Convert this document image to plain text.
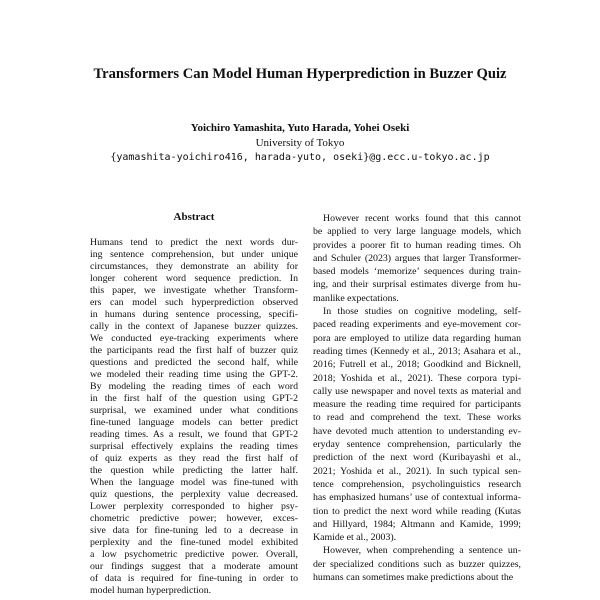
Transformers Can Model Human Hyperprediction in Buzzer Quiz
Yoichiro Yamashita, Yuto Harada, Yohei Oseki
University of Tokyo
{yamashita-yoichiro416, harada-yuto, oseki}@g.ecc.u-tokyo.ac.jp
Abstract
Humans tend to predict the next words dur-
ing sentence comprehension, but under unique
circumstances, they demonstrate an ability for
longer coherent word sequence prediction. In
this paper, we investigate whether Transform-
ers can model such hyperprediction observed
in humans during sentence processing, specifi-
cally in the context of Japanese buzzer quizzes.
We conducted eye-tracking experiments where
the participants read the first half of buzzer quiz
questions and predicted the second half, while
we modeled their reading time using the GPT-2.
By modeling the reading times of each word
in the first half of the question using GPT-2
surprisal, we examined under what conditions
fine-tuned language models can better predict
reading times. As a result, we found that GPT-2
surprisal effectively explains the reading times
of quiz experts as they read the first half of
the question while predicting the latter half.
When the language model was fine-tuned with
quiz questions, the perplexity value decreased.
Lower perplexity corresponded to higher psy-
chometric predictive power; however, exces-
sive data for fine-tuning led to a decrease in
perplexity and the fine-tuned model exhibited
a low psychometric predictive power. Overall,
our findings suggest that a moderate amount
of data is required for fine-tuning in order to
model human hyperprediction.
However recent works found that this cannot
be applied to very large language models, which
provides a poorer fit to human reading times. Oh
and Schuler (2023) argues that larger Transformer-
based models ‘memorize’ sequences during train-
ing, and their surprisal estimates diverge from hu-
manlike expectations.
In those studies on cognitive modeling, self-
paced reading experiments and eye-movement cor-
pora are employed to utilize data regarding human
reading times (Kennedy et al., 2013; Asahara et al.,
2016; Futrell et al., 2018; Goodkind and Bicknell,
2018; Yoshida et al., 2021). These corpora typi-
cally use newspaper and novel texts as material and
measure the reading time required for participants
to read and comprehend the text. These works
have devoted much attention to understanding ev-
eryday sentence comprehension, particularly the
prediction of the next word (Kuribayashi et al.,
2021; Yoshida et al., 2021). In such typical sen-
tence comprehension, psycholinguistics research
has emphasized humans’ use of contextual informa-
tion to predict the next word while reading (Kutas
and Hillyard, 1984; Altmann and Kamide, 1999;
Kamide et al., 2003).
However, when comprehending a sentence un-
der specialized conditions such as buzzer quizzes,
humans can sometimes make predictions about the
